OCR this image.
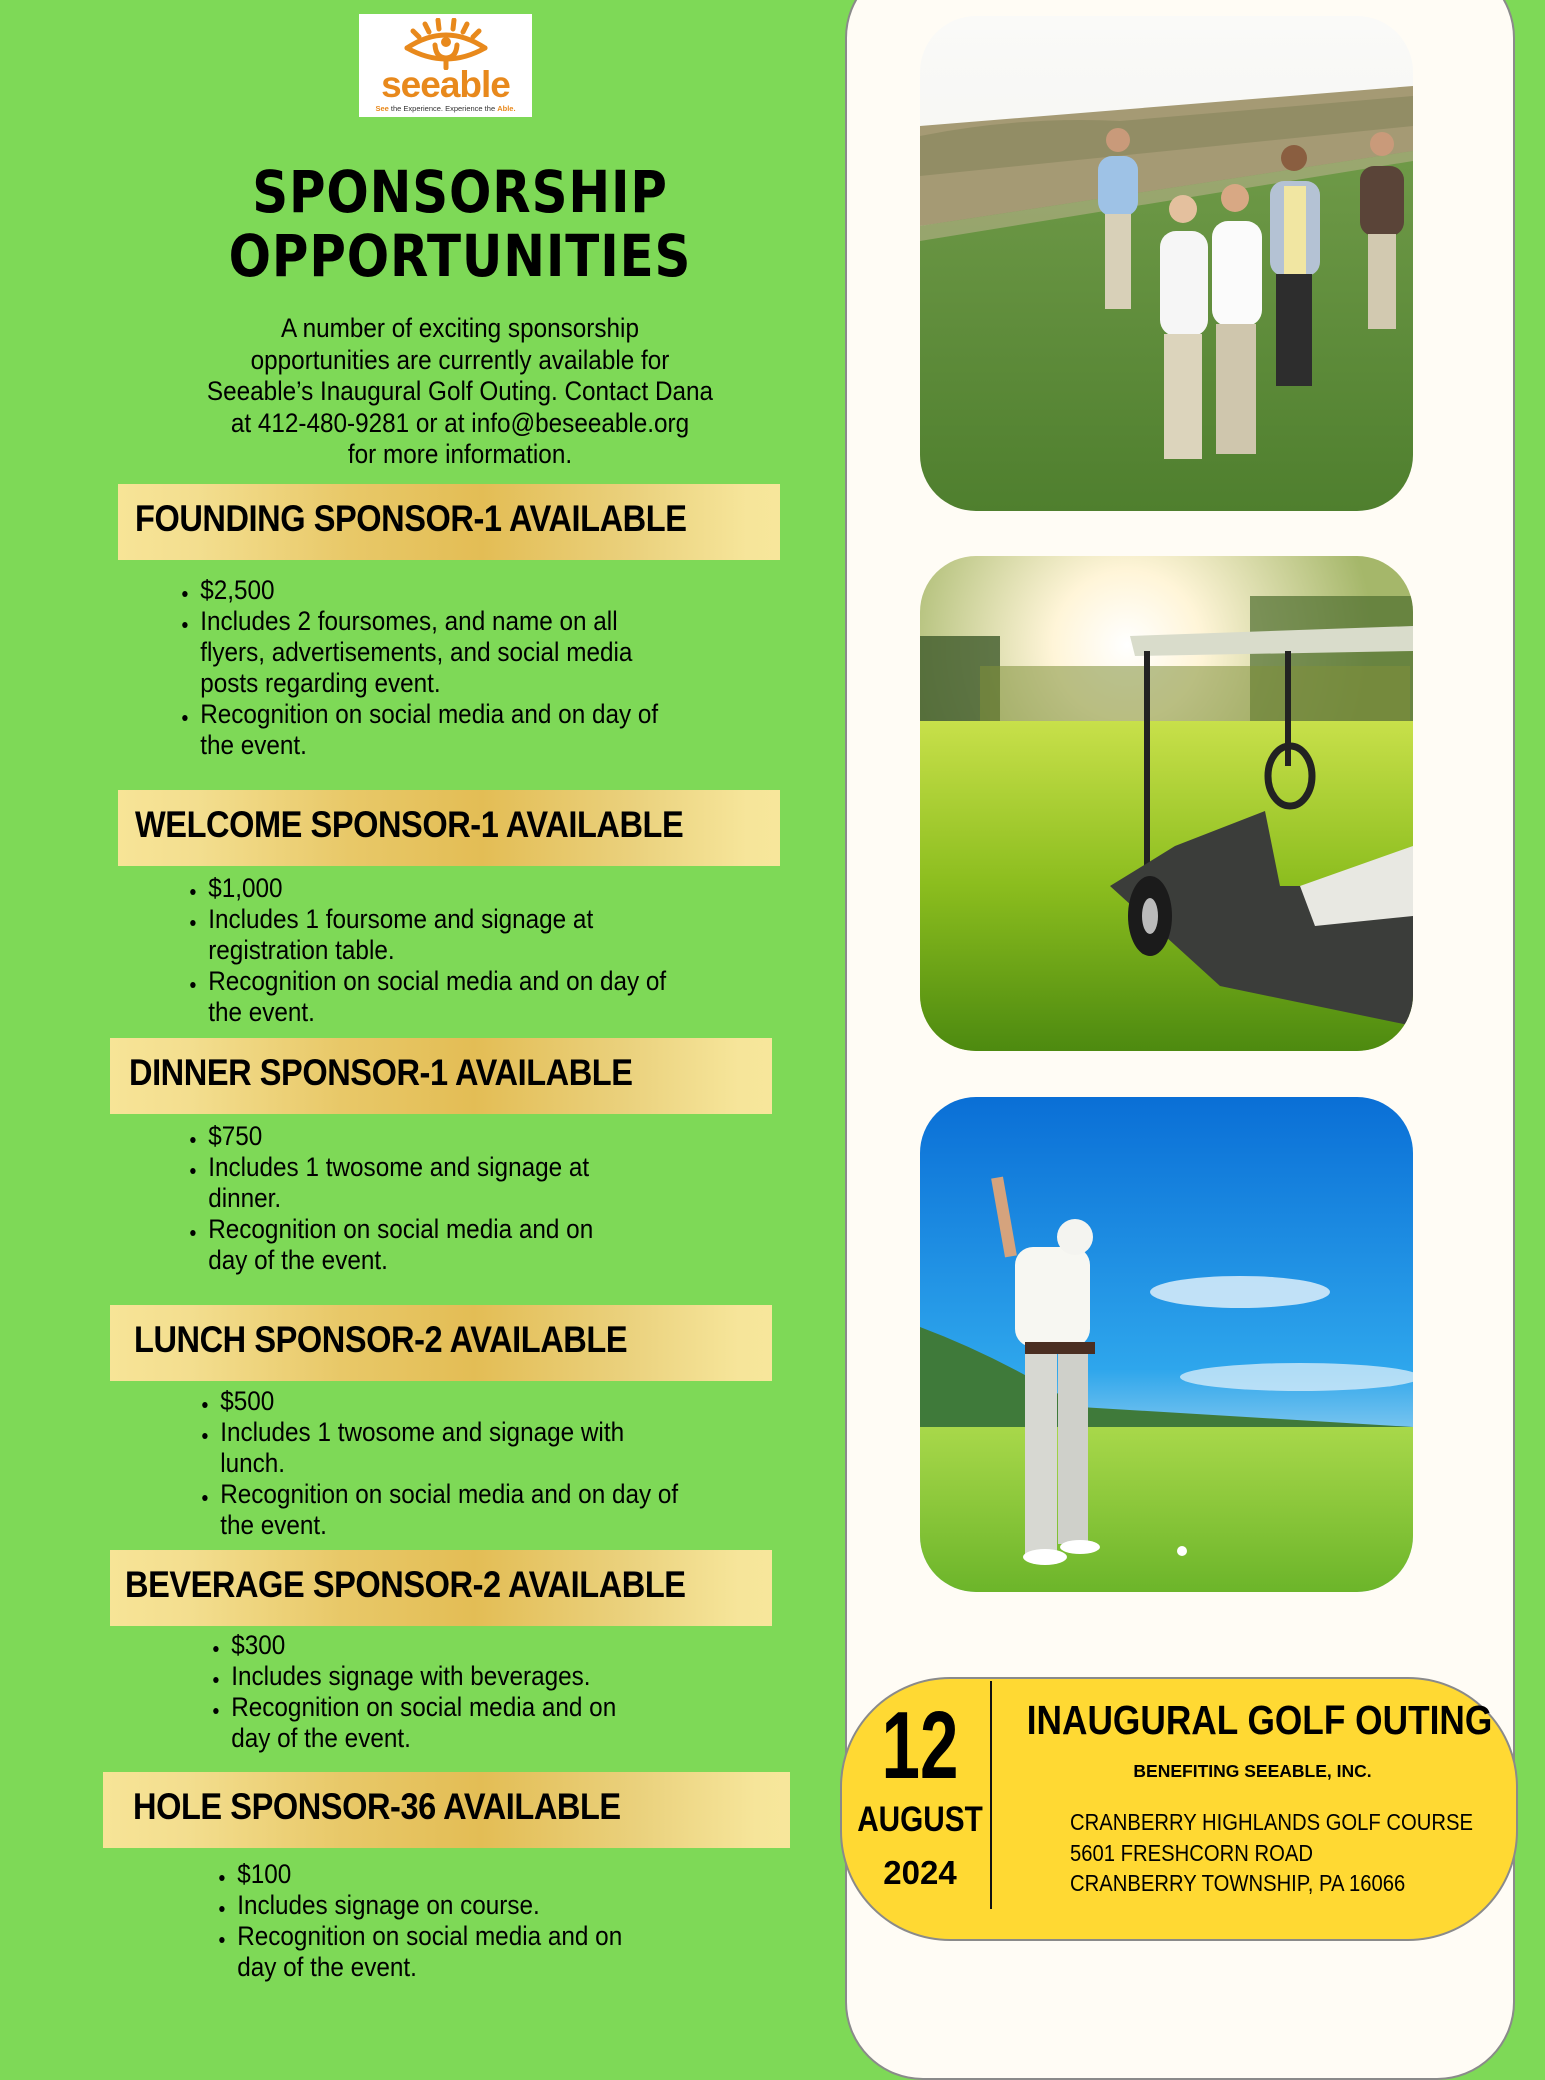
seeable
See the Experience. Experience the Able.
SPONSORSHIP
OPPORTUNITIES
A number of exciting sponsorship
opportunities are currently available for
Seeable’s Inaugural Golf Outing. Contact Dana
at 412-480-9281 or at info@beseeable.org
for more information.
FOUNDING SPONSOR-1 AVAILABLE
• $2,500
• Includes 2 foursomes, and name on all flyers, advertisements, and social media posts regarding event.
• Recognition on social media and on day of the event.
WELCOME SPONSOR-1 AVAILABLE
• $1,000
• Includes 1 foursome and signage at registration table.
• Recognition on social media and on day of the event.
DINNER SPONSOR-1 AVAILABLE
• $750
• Includes 1 twosome and signage at dinner.
• Recognition on social media and on day of the event.
LUNCH SPONSOR-2 AVAILABLE
• $500
• Includes 1 twosome and signage with lunch.
• Recognition on social media and on day of the event.
BEVERAGE SPONSOR-2 AVAILABLE
• $300
• Includes signage with beverages.
• Recognition on social media and on day of the event.
HOLE SPONSOR-36 AVAILABLE
• $100
• Includes signage on course.
• Recognition on social media and on day of the event.
12
AUGUST
2024
INAUGURAL GOLF OUTING
BENEFITING SEEABLE, INC.
CRANBERRY HIGHLANDS GOLF COURSE
5601 FRESHCORN ROAD
CRANBERRY TOWNSHIP, PA 16066
